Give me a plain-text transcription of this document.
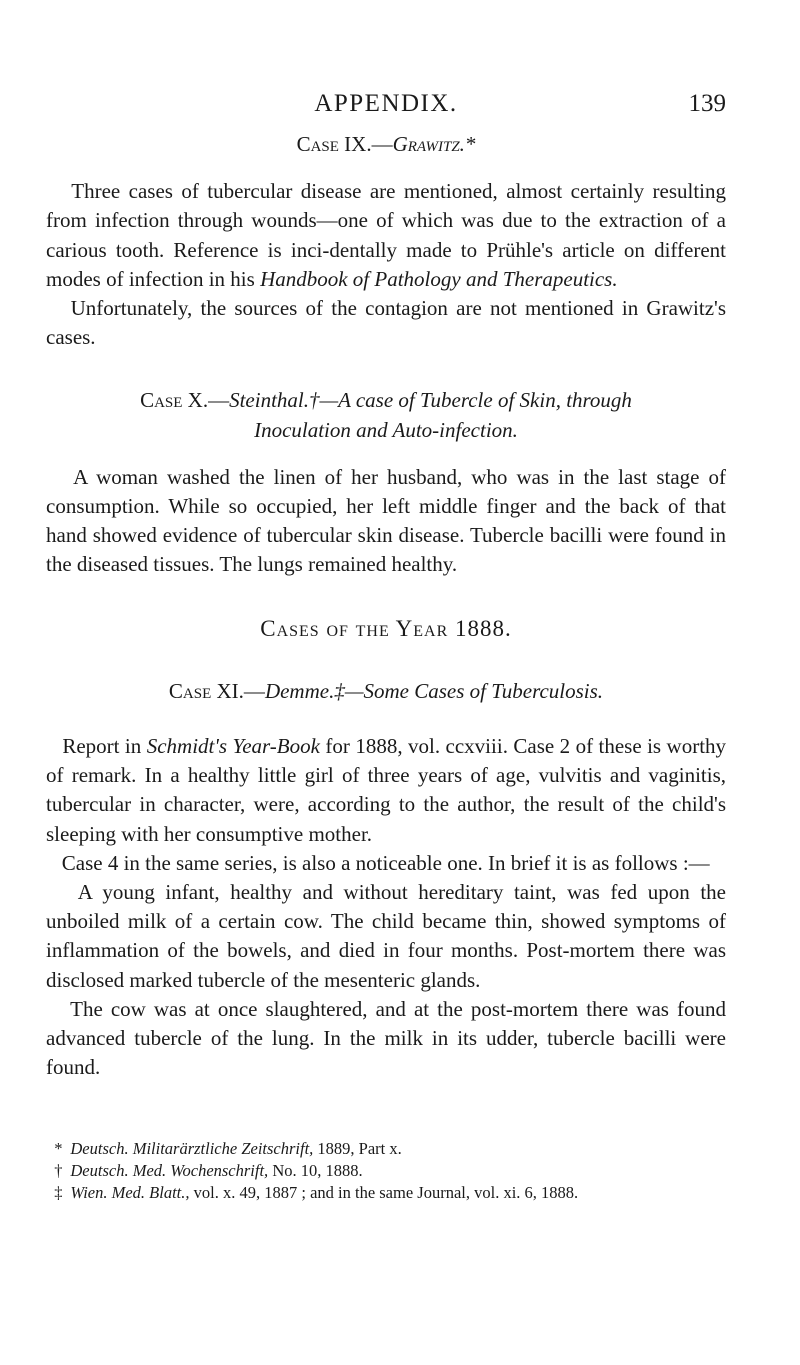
APPENDIX.	139
Case IX.—Grawitz.*

Three cases of tubercular disease are mentioned, almost certainly resulting from infection through wounds—one of which was due to the extraction of a carious tooth. Reference is inci-dentally made to Prühle's article on different modes of infection in his Handbook of Pathology and Therapeutics.

Unfortunately, the sources of the contagion are not mentioned in Grawitz's cases.

Case X.—Steinthal.†—A case of Tubercle of Skin, through
Inoculation and Auto-infection.

A woman washed the linen of her husband, who was in the last stage of consumption. While so occupied, her left middle finger and the back of that hand showed evidence of tubercular skin disease. Tubercle bacilli were found in the diseased tissues. The lungs remained healthy.

Cases of the Year 1888.
Case XI.—Demme.‡—Some Cases of Tuberculosis.

Report in Schmidt's Year-Book for 1888, vol. ccxviii. Case 2 of these is worthy of remark. In a healthy little girl of three years of age, vulvitis and vaginitis, tubercular in character, were, according to the author, the result of the child's sleeping with her consumptive mother.

Case 4 in the same series, is also a noticeable one. In brief it is as follows :—

A young infant, healthy and without hereditary taint, was fed upon the unboiled milk of a certain cow. The child became thin, showed symptoms of inflammation of the bowels, and died in four months. Post-mortem there was disclosed marked tubercle of the mesenteric glands.

The cow was at once slaughtered, and at the post-mortem there was found advanced tubercle of the lung. In the milk in its udder, tubercle bacilli were found.

* Deutsch. Militarärztliche Zeitschrift, 1889, Part x.

† Deutsch. Med. Wochenschrift, No. 10, 1888.

‡ Wien. Med. Blatt., vol. x. 49, 1887 ; and in the same Journal, vol. xi. 6, 1888.
